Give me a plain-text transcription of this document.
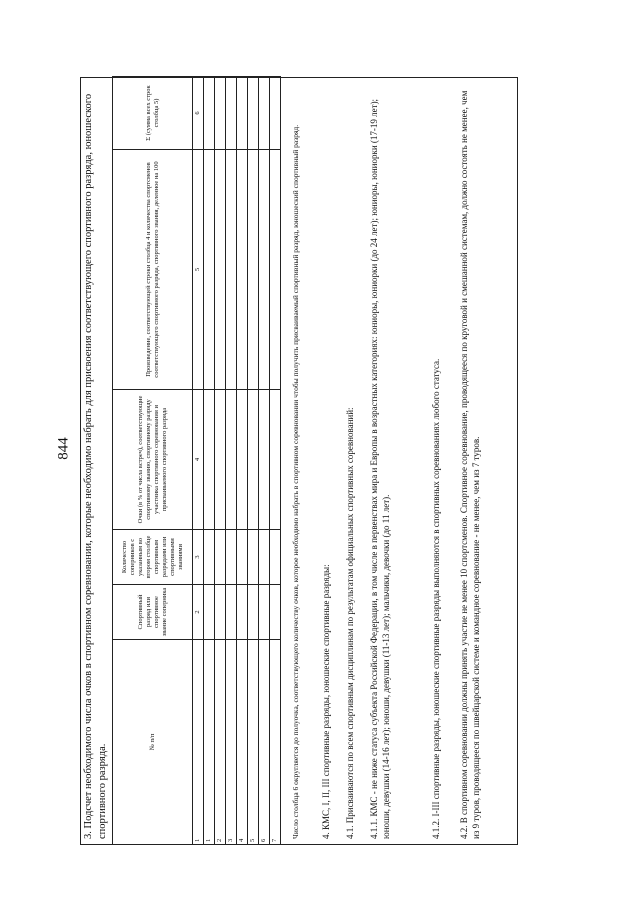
844 3. Подсчет необходимого числа очков в спортивном соревновании, которые необходимо набрать для присвоения соответствующего спортивного разряда, юношеского спортивного разряда.
№ п/п	Спортивный разряд или спортивное звание соперника	Количество соперников с указанным во втором столбце спортивным разрядами или спортивными званиями	Очки (в % от числа встреч), соответствующие спортивному званию, спортивному разряду участника спортивного соревнования и присваиваемого спортивного разряда	Произведение, соответствующей строки столбца 4 и количества спортсменов соответствующего спортивного разряда, спортивного звания, деленное на 100	Σ (сумма всех строк столбца 5)
1	2	3	4	5	6
1					
2					
3					
4					
5					
6					
7					
Число столбца 6 округляется до полуочка, соответствующего количеству очков, которое необходимо набрать в спортивном соревновании чтобы получить присваиваемый спортивный разряд, юношеский спортивный разряд. 4. КМС, I, II, III спортивные разряды, юношеские спортивные разряды: 4.1. Присваиваются по всем спортивным дисциплинам по результатам официальных спортивных соревнований: 4.1.1. КМС - не ниже статуса субъекта Российской Федерации, в том числе в первенствах мира и Европы в возрастных категориях: юниоры, юниорки (до 24 лет); юниоры, юниорки (17-19 лет); юноши, девушки (14-16 лет); юноши, девушки (11-13 лет); мальчики, девочки (до 11 лет).	4.1.2. I-III спортивные разряды, юношеские спортивные разряды выполняются в спортивных соревнованиях любого статуса. 4.2. В спортивном соревновании должны принять участие не менее 10 спортсменов. Спортивное соревнование, проводящееся по круговой и смешанной системам, должно состоять не менее, чем из 9 туров, проводящееся по швейцарской системе и командное соревнование - не менее, чем из 7 туров.
